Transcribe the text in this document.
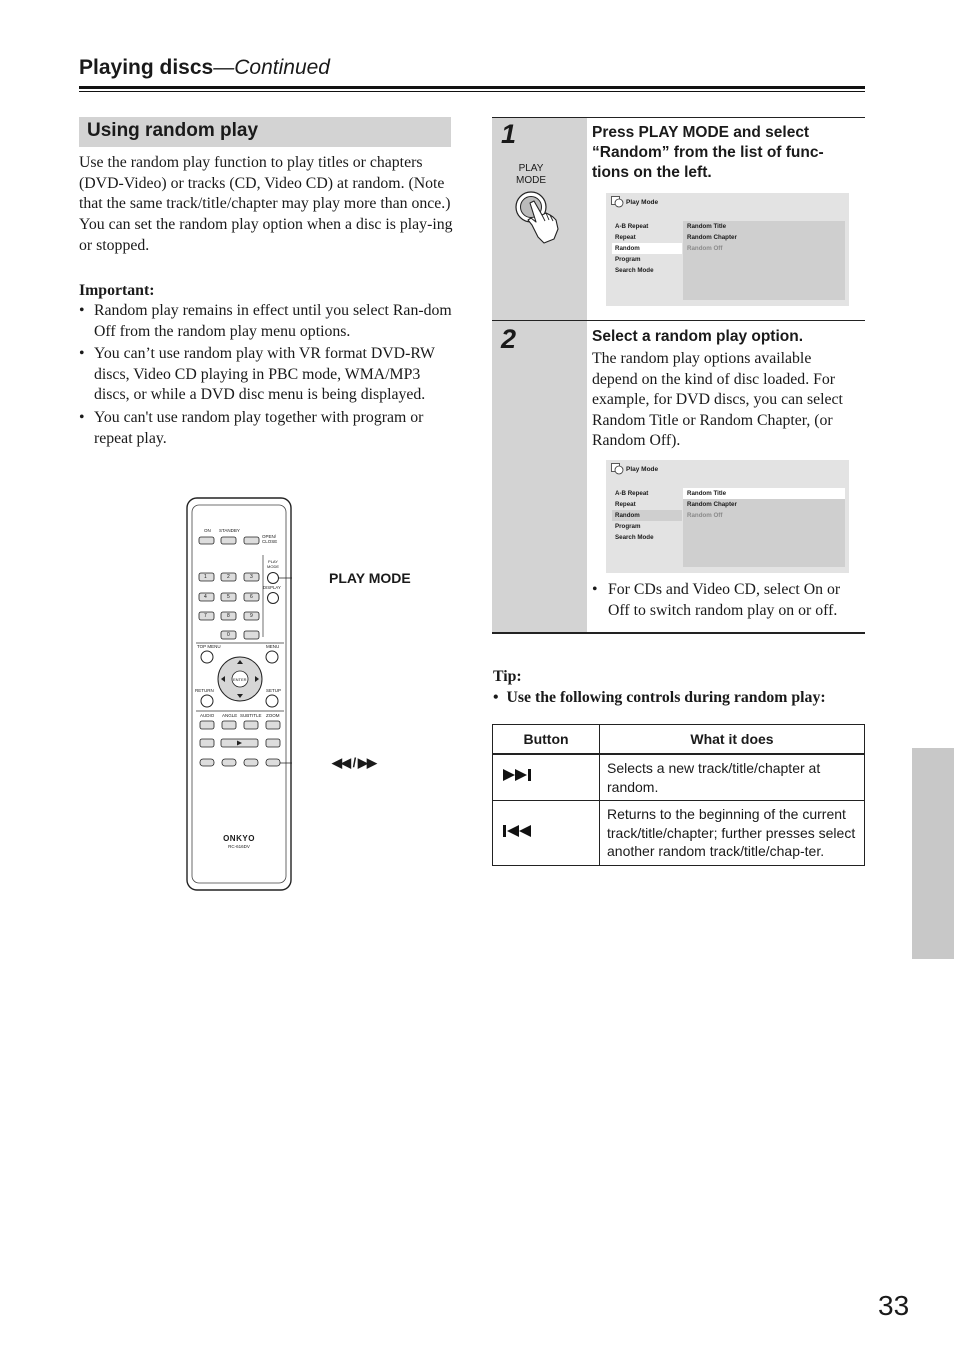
Playing discs—Continued
Using random play

Use the random play function to play titles or chapters (DVD-Video) or tracks (CD, Video CD) at random. (Note that the same track/title/chapter may play more than once.)

You can set the random play option when a disc is play-ing or stopped.

Important:
• Random play remains in effect until you select Ran-dom Off from the random play menu options.
• You can’t use random play with VR format DVD-RW discs, Video CD playing in PBC mode, WMA/MP3 discs, or while a DVD disc menu is being displayed.
• You can't use random play together with program or repeat play.
ON STANDBY
OPEN/ CLOSE
PLAY MODE
DISPLAY
TOP MENU	MENU
ENTER
RETURN	SETUP
AUDIO ANGLE SUBTITLE ZOOM
1	2	3
4	5	6
7	8	9
0
ONKYO
RC-616DV
PLAY MODE
◀◀ / ▶▶
1
PLAY MODE
Press PLAY MODE and select “Random” from the list of func-tions on the left.
Play Mode
A-B Repeat
Repeat
Random
Program
Search Mode
Random Title
Random Chapter
Random Off
2	Select a random play option.
The random play options available depend on the kind of disc loaded. For example, for DVD discs, you can select Random Title or Random Chapter, (or Random Off).
Play Mode
A-B Repeat
Repeat
Random
Program
Search Mode
Random Title
Random Chapter
Random Off
• For CDs and Video CD, select On or Off to switch random play on or off.
Tip:
•  Use the following controls during random play:
Button	What it does
	Selects a new track/title/chapter at random.
	Returns to the beginning of the current track/title/chapter; further presses select another random track/title/chap-ter.
33
